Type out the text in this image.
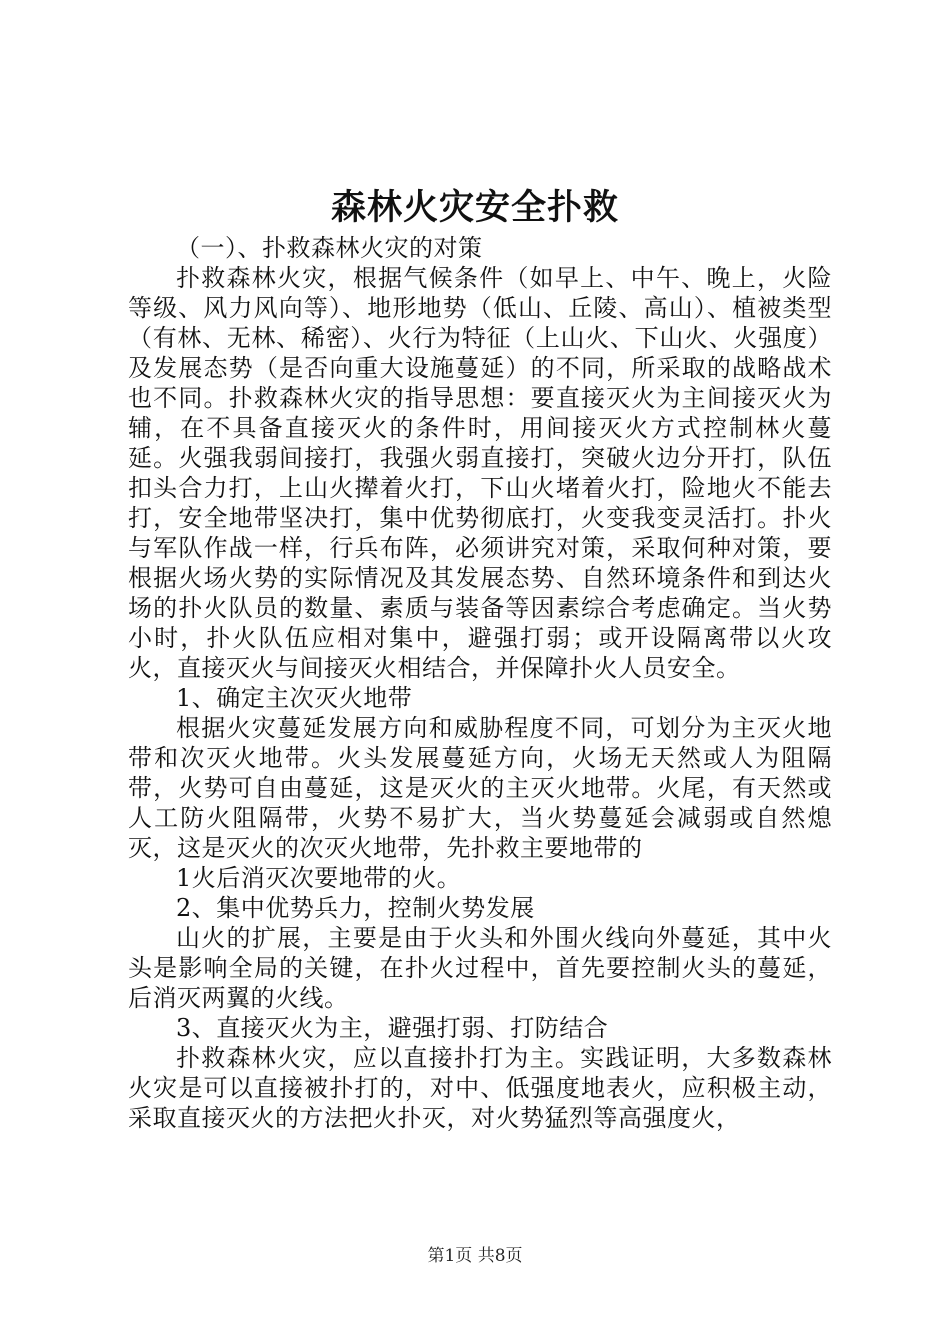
森林火灾安全扑救

（一）、扑救森林火灾的对策

扑救森林火灾，根据气候条件（如早上、中午、晚上，火险等级、风力风向等）、地形地势（低山、丘陵、高山）、植被类型（有林、无林、稀密）、火行为特征（上山火、下山火、火强度）及发展态势（是否向重大设施蔓延）的不同，所采取的战略战术也不同。扑救森林火灾的指导思想：要直接灭火为主间接灭火为辅，在不具备直接灭火的条件时，用间接灭火方式控制林火蔓延。火强我弱间接打，我强火弱直接打，突破火边分开打，队伍扣头合力打，上山火撵着火打，下山火堵着火打，险地火不能去打，安全地带坚决打，集中优势彻底打，火变我变灵活打。扑火与军队作战一样，行兵布阵，必须讲究对策，采取何种对策，要根据火场火势的实际情况及其发展态势、自然环境条件和到达火场的扑火队员的数量、素质与装备等因素综合考虑确定。当火势小时，扑火队伍应相对集中，避强打弱；或开设隔离带以火攻火，直接灭火与间接灭火相结合，并保障扑火人员安全。

1、确定主次灭火地带

根据火灾蔓延发展方向和威胁程度不同，可划分为主灭火地带和次灭火地带。火头发展蔓延方向，火场无天然或人为阻隔带，火势可自由蔓延，这是灭火的主灭火地带。火尾，有天然或人工防火阻隔带，火势不易扩大，当火势蔓延会减弱或自然熄灭，这是灭火的次灭火地带，先扑救主要地带的

1火后消灭次要地带的火。

2、集中优势兵力，控制火势发展

山火的扩展，主要是由于火头和外围火线向外蔓延，其中火头是影响全局的关键，在扑火过程中，首先要控制火头的蔓延，后消灭两翼的火线。

3、直接灭火为主，避强打弱、打防结合

扑救森林火灾，应以直接扑打为主。实践证明，大多数森林火灾是可以直接被扑打的，对中、低强度地表火，应积极主动，采取直接灭火的方法把火扑灭，对火势猛烈等高强度火，

第1页 共8页
